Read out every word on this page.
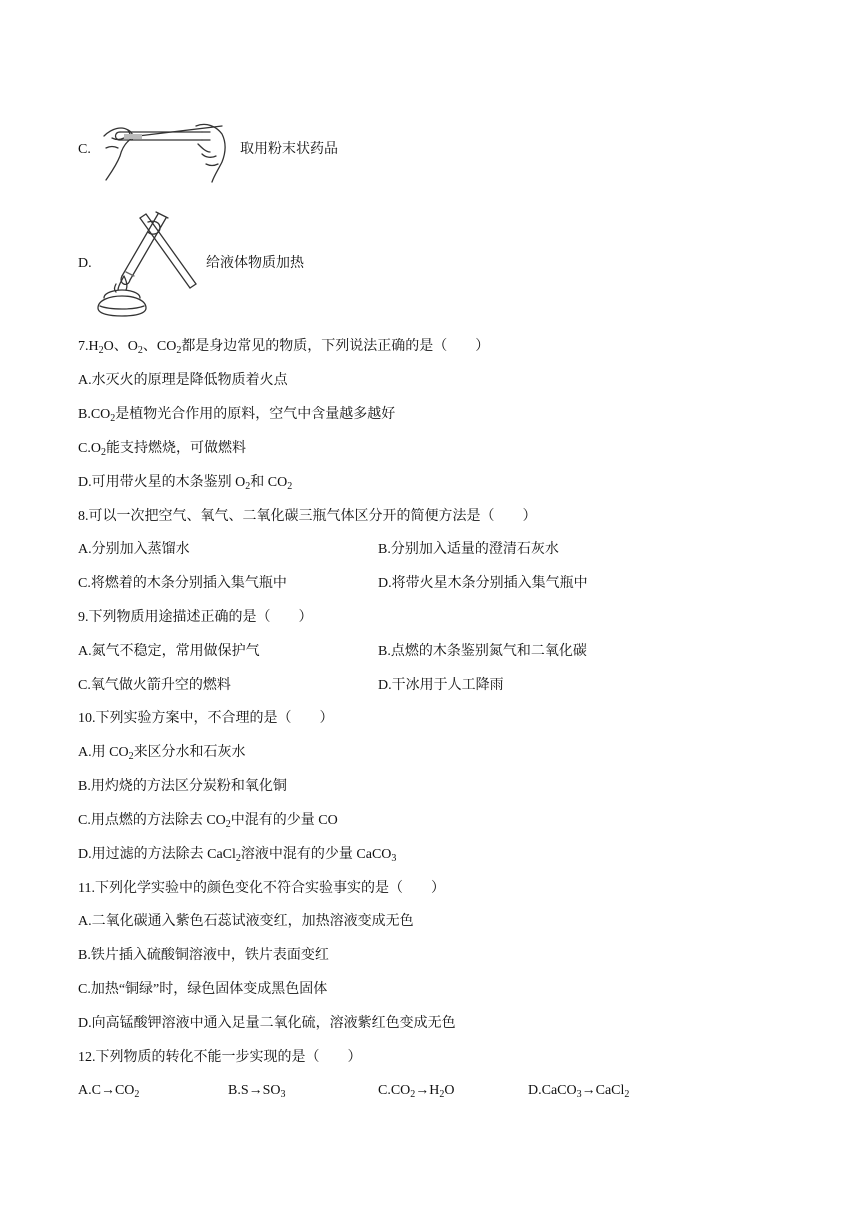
C.	取用粉末状药品
D.	给液体物质加热
$7.H_2O$、$O_2$、$CO_2$都是身边常见的物质，下列说法正确的是（　　）
A.水灭火的原理是降低物质着火点
$B.CO_2$是植物光合作用的原料，空气中含量越多越好
$C.O_2$能支持燃烧，可做燃料
D.可用带火星的木条鉴别 $O_2$和 $CO_2$
8.可以一次把空气、氧气、二氧化碳三瓶气体区分开的简便方法是（　　）
A.分别加入蒸馏水	B.分别加入适量的澄清石灰水
C.将燃着的木条分别插入集气瓶中	D.将带火星木条分别插入集气瓶中
9.下列物质用途描述正确的是（　　）
A.氮气不稳定，常用做保护气	B.点燃的木条鉴别氮气和二氧化碳
C.氧气做火箭升空的燃料	D.干冰用于人工降雨
10.下列实验方案中，不合理的是（　　）
A.用 $CO_2$来区分水和石灰水
B.用灼烧的方法区分炭粉和氧化铜
C.用点燃的方法除去 $CO_2$中混有的少量 CO
D.用过滤的方法除去 CaCl$_2$溶液中混有的少量 CaCO$_3$
11.下列化学实验中的颜色变化不符合实验事实的是（　　）
A.二氧化碳通入紫色石蕊试液变红，加热溶液变成无色
B.铁片插入硫酸铜溶液中，铁片表面变红
C.加热“铜绿”时，绿色固体变成黑色固体
D.向高锰酸钾溶液中通入足量二氧化硫，溶液紫红色变成无色
12.下列物质的转化不能一步实现的是（　　）
$A.C\to CO_2$	$B.S\to SO_3$	$C.CO_2\to H_2O$	D.CaCO$_3$→CaCl$_2$
